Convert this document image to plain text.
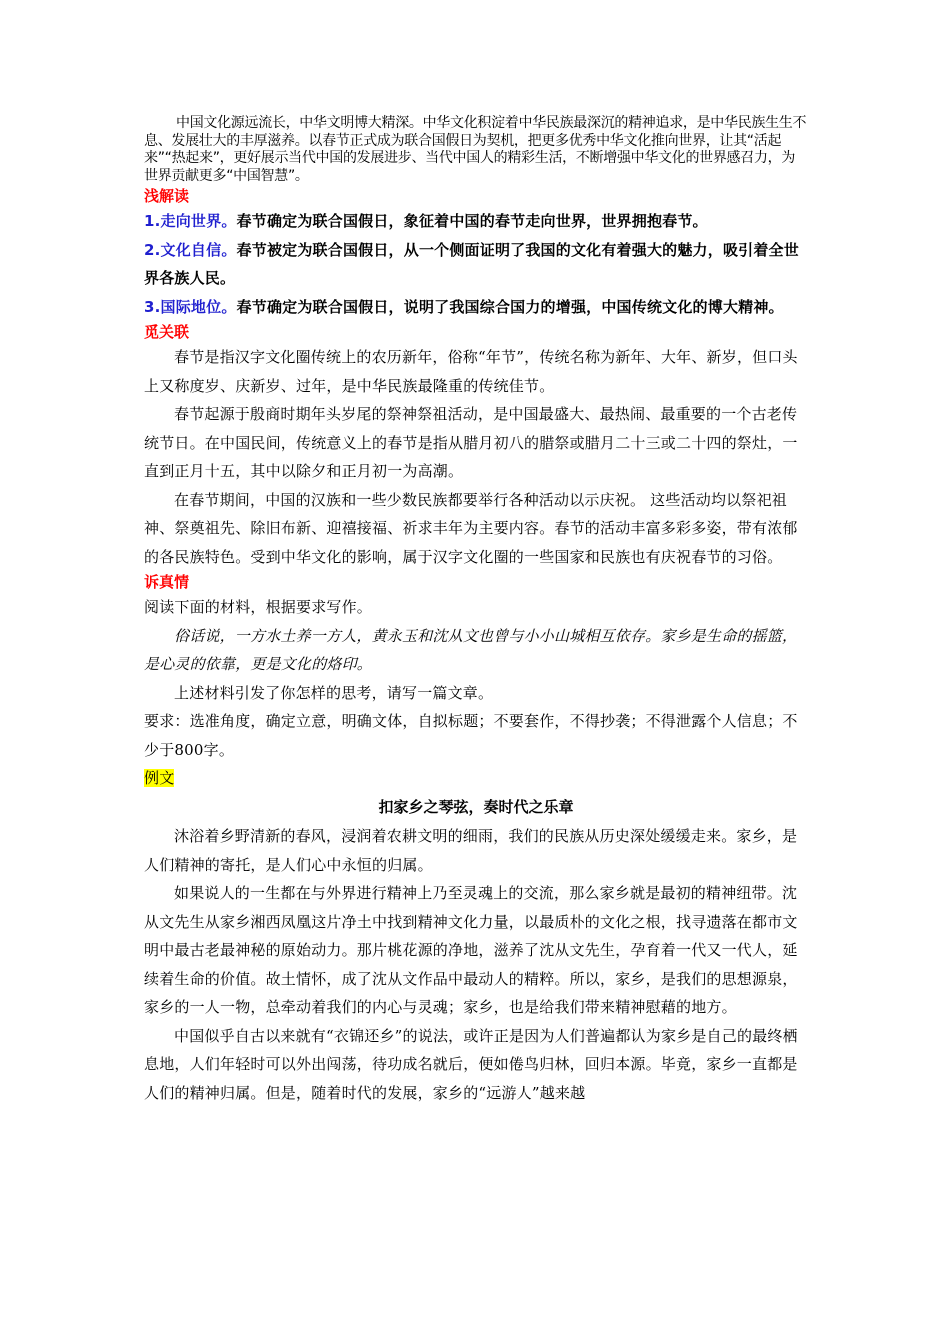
中国文化源远流长，中华文明博大精深。中华文化积淀着中华民族最深沉的精神追求，是中华民族生生不息、发展壮大的丰厚滋养。以春节正式成为联合国假日为契机，把更多优秀中华文化推向世界，让其“活起来”“热起来”，更好展示当代中国的发展进步、当代中国人的精彩生活，不断增强中华文化的世界感召力，为世界贡献更多“中国智慧”。

浅解读

1.走向世界。春节确定为联合国假日，象征着中国的春节走向世界，世界拥抱春节。

2.文化自信。春节被定为联合国假日，从一个侧面证明了我国的文化有着强大的魅力，吸引着全世界各族人民。

3.国际地位。春节确定为联合国假日，说明了我国综合国力的增强，中国传统文化的博大精神。

觅关联

春节是指汉字文化圈传统上的农历新年，俗称“年节”，传统名称为新年、大年、新岁，但口头上又称度岁、庆新岁、过年，是中华民族最隆重的传统佳节。

春节起源于殷商时期年头岁尾的祭神祭祖活动，是中国最盛大、最热闹、最重要的一个古老传统节日。在中国民间，传统意义上的春节是指从腊月初八的腊祭或腊月二十三或二十四的祭灶，一直到正月十五，其中以除夕和正月初一为高潮。

在春节期间，中国的汉族和一些少数民族都要举行各种活动以示庆祝。 这些活动均以祭祀祖神、祭奠祖先、除旧布新、迎禧接福、祈求丰年为主要内容。春节的活动丰富多彩多姿，带有浓郁的各民族特色。受到中华文化的影响，属于汉字文化圈的一些国家和民族也有庆祝春节的习俗。

诉真情

阅读下面的材料，根据要求写作。

俗话说，一方水土养一方人，黄永玉和沈从文也曾与小小山城相互依存。家乡是生命的摇篮，是心灵的依靠，更是文化的烙印。

上述材料引发了你怎样的思考，请写一篇文章。

要求：选准角度，确定立意，明确文体，自拟标题；不要套作，不得抄袭；不得泄露个人信息；不少于800字。

例文

扣家乡之琴弦，奏时代之乐章

沐浴着乡野清新的春风，浸润着农耕文明的细雨，我们的民族从历史深处缓缓走来。家乡，是人们精神的寄托，是人们心中永恒的归属。

如果说人的一生都在与外界进行精神上乃至灵魂上的交流，那么家乡就是最初的精神纽带。沈从文先生从家乡湘西凤凰这片净土中找到精神文化力量，以最质朴的文化之根，找寻遗落在都市文明中最古老最神秘的原始动力。那片桃花源的净地，滋养了沈从文先生，孕育着一代又一代人，延续着生命的价值。故土情怀，成了沈从文作品中最动人的精粹。所以，家乡，是我们的思想源泉，家乡的一人一物，总牵动着我们的内心与灵魂；家乡，也是给我们带来精神慰藉的地方。

中国似乎自古以来就有“衣锦还乡”的说法，或许正是因为人们普遍都认为家乡是自己的最终栖息地，人们年轻时可以外出闯荡，待功成名就后，便如倦鸟归林，回归本源。毕竟，家乡一直都是人们的精神归属。但是，随着时代的发展，家乡的“远游人”越来越
